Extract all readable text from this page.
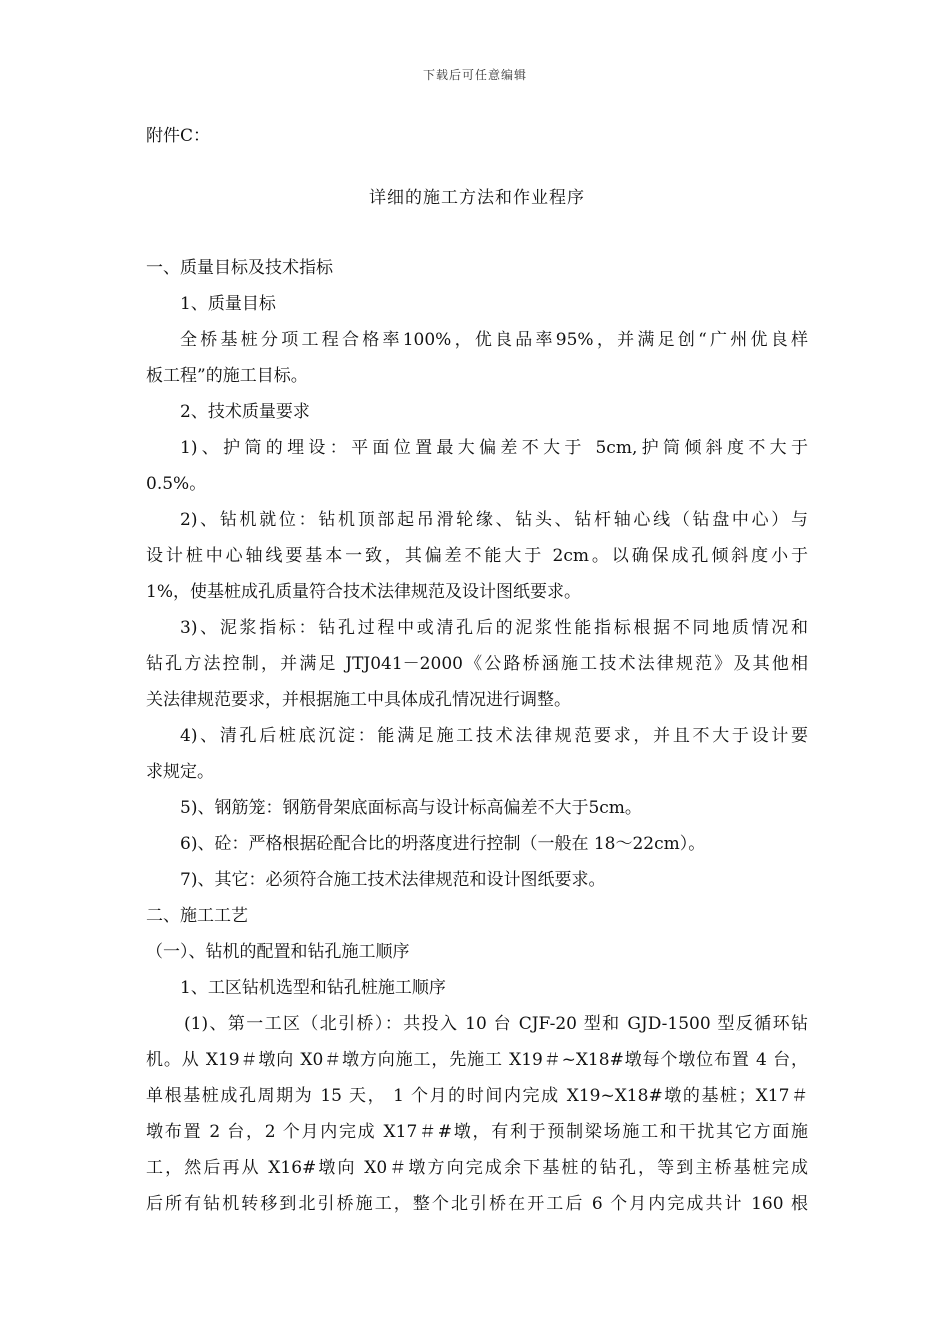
下载后可任意编辑
附件C：
详细的施工方法和作业程序
一、质量目标及技术指标
1、质量目标
全桥基桩分项工程合格率100%，优良品率95%，并满足创“广州优良样
板工程”的施工目标。
2、技术质量要求
1)、护筒的埋设：平面位置最大偏差不大于 5cm,护筒倾斜度不大于
0.5%。
2)、钻机就位：钻机顶部起吊滑轮缘、钻头、钻杆轴心线（钻盘中心）与
设计桩中心轴线要基本一致，其偏差不能大于 2cm。以确保成孔倾斜度小于
1%，使基桩成孔质量符合技术法律规范及设计图纸要求。
3)、泥浆指标：钻孔过程中或清孔后的泥浆性能指标根据不同地质情况和
钻孔方法控制，并满足 JTJ041－2000《公路桥涵施工技术法律规范》及其他相
关法律规范要求，并根据施工中具体成孔情况进行调整。
4)、清孔后桩底沉淀：能满足施工技术法律规范要求，并且不大于设计要
求规定。
5)、钢筋笼：钢筋骨架底面标高与设计标高偏差不大于5cm。
6)、砼：严格根据砼配合比的坍落度进行控制（一般在 18～22cm）。
7)、其它：必须符合施工技术法律规范和设计图纸要求。
二、施工工艺
（一）、钻机的配置和钻孔施工顺序
1、工区钻机选型和钻孔桩施工顺序
(1)、第一工区（北引桥）：共投入 10 台 CJF-20 型和 GJD-1500 型反循环钻
机。从 X19＃墩向 X0＃墩方向施工，先施工 X19＃~X18#墩每个墩位布置 4 台，
单根基桩成孔周期为 15 天， 1 个月的时间内完成 X19~X18#墩的基桩；X17＃
墩布置 2 台，2 个月内完成 X17＃#墩，有利于预制梁场施工和干扰其它方面施
工，然后再从 X16#墩向 X0＃墩方向完成余下基桩的钻孔，等到主桥基桩完成
后所有钻机转移到北引桥施工，整个北引桥在开工后 6 个月内完成共计 160 根
